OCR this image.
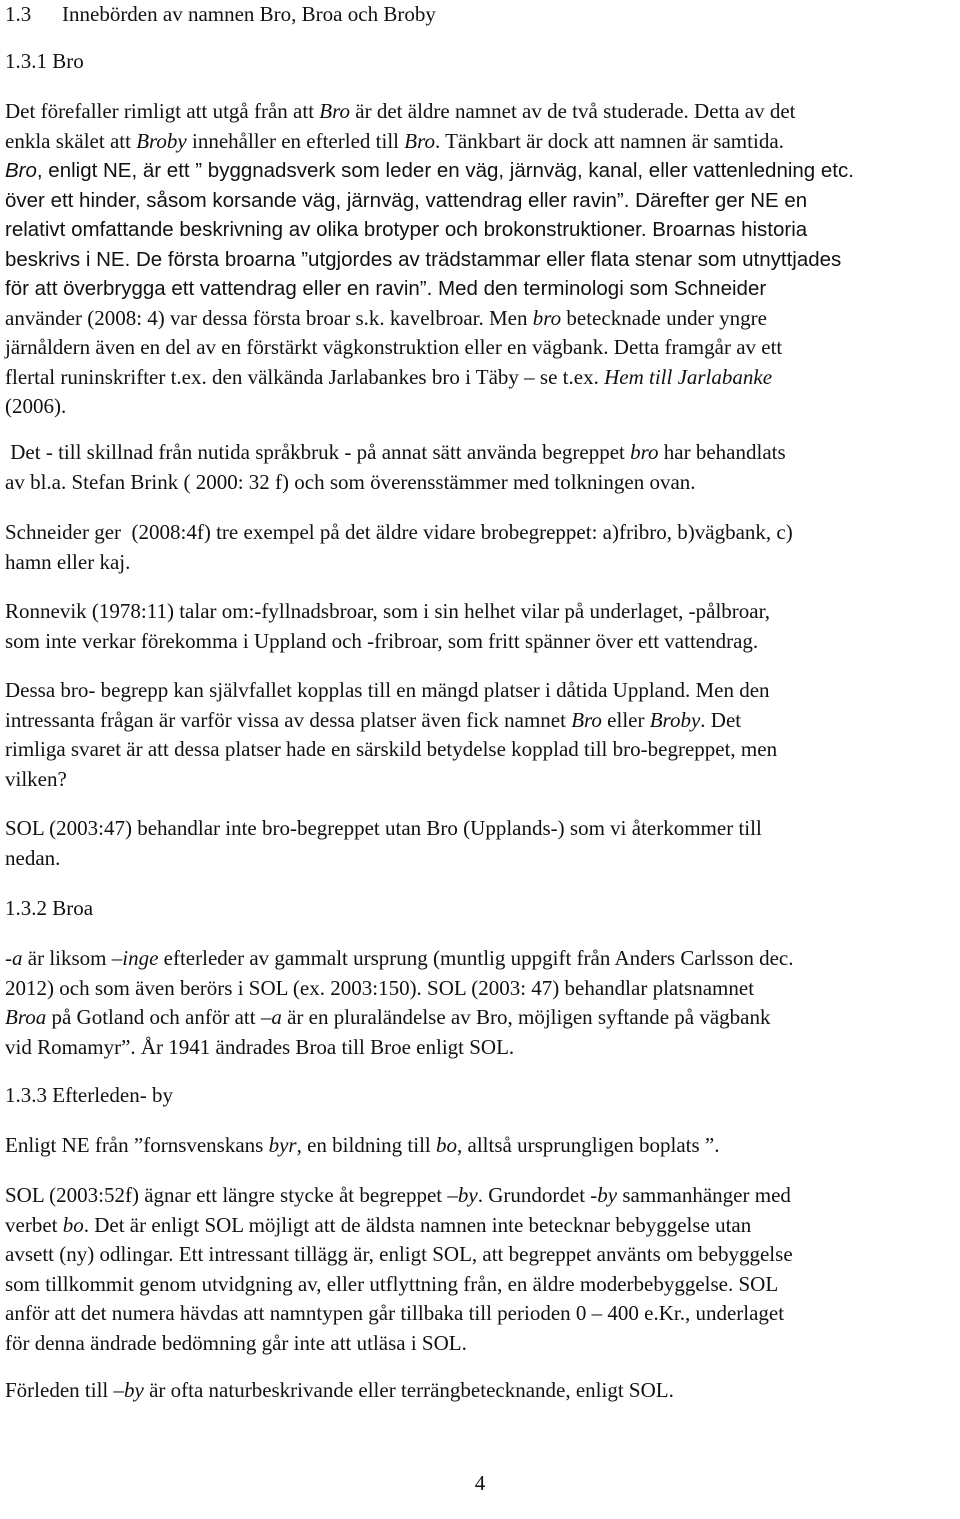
1.3 Innebörden av namnen Bro, Broa och Broby
1.3.1 Bro
Det förefaller rimligt att utgå från att Bro är det äldre namnet av de två studerade. Detta av det
enkla skälet att Broby innehåller en efterled till Bro. Tänkbart är dock att namnen är samtida.
Bro, enligt NE, är ett ” byggnadsverk som leder en väg, järnväg, kanal, eller vattenledning etc.
över ett hinder, såsom korsande väg, järnväg, vattendrag eller ravin”. Därefter ger NE en
relativt omfattande beskrivning av olika brotyper och brokonstruktioner. Broarnas historia
beskrivs i NE. De första broarna ”utgjordes av trädstammar eller flata stenar som utnyttjades
för att överbrygga ett vattendrag eller en ravin”. Med den terminologi som Schneider
använder (2008: 4) var dessa första broar s.k. kavelbroar. Men bro betecknade under yngre
järnåldern även en del av en förstärkt vägkonstruktion eller en vägbank. Detta framgår av ett
flertal runinskrifter t.ex. den välkända Jarlabankes bro i Täby – se t.ex. Hem till Jarlabanke
(2006).
Det - till skillnad från nutida språkbruk - på annat sätt använda begreppet bro har behandlats
av bl.a. Stefan Brink ( 2000: 32 f) och som överensstämmer med tolkningen ovan.
Schneider ger  (2008:4f) tre exempel på det äldre vidare brobegreppet: a)fribro, b)vägbank, c)
hamn eller kaj.
Ronnevik (1978:11) talar om:-fyllnadsbroar, som i sin helhet vilar på underlaget, -pålbroar,
som inte verkar förekomma i Uppland och -fribroar, som fritt spänner över ett vattendrag.
Dessa bro- begrepp kan självfallet kopplas till en mängd platser i dåtida Uppland. Men den
intressanta frågan är varför vissa av dessa platser även fick namnet Bro eller Broby. Det
rimliga svaret är att dessa platser hade en särskild betydelse kopplad till bro-begreppet, men
vilken?
SOL (2003:47) behandlar inte bro-begreppet utan Bro (Upplands-) som vi återkommer till
nedan.
1.3.2 Broa
-a är liksom –inge efterleder av gammalt ursprung (muntlig uppgift från Anders Carlsson dec.
2012) och som även berörs i SOL (ex. 2003:150). SOL (2003: 47) behandlar platsnamnet
Broa på Gotland och anför att –a är en pluraländelse av Bro, möjligen syftande på vägbank
vid Romamyr”. År 1941 ändrades Broa till Broe enligt SOL.
1.3.3 Efterleden- by
Enligt NE från ”fornsvenskans byr, en bildning till bo, alltså ursprungligen boplats ”.
SOL (2003:52f) ägnar ett längre stycke åt begreppet –by. Grundordet -by sammanhänger med
verbet bo. Det är enligt SOL möjligt att de äldsta namnen inte betecknar bebyggelse utan
avsett (ny) odlingar. Ett intressant tillägg är, enligt SOL, att begreppet använts om bebyggelse
som tillkommit genom utvidgning av, eller utflyttning från, en äldre moderbebyggelse. SOL
anför att det numera hävdas att namntypen går tillbaka till perioden 0 – 400 e.Kr., underlaget
för denna ändrade bedömning går inte att utläsa i SOL.
Förleden till –by är ofta naturbeskrivande eller terrängbetecknande, enligt SOL.
4
